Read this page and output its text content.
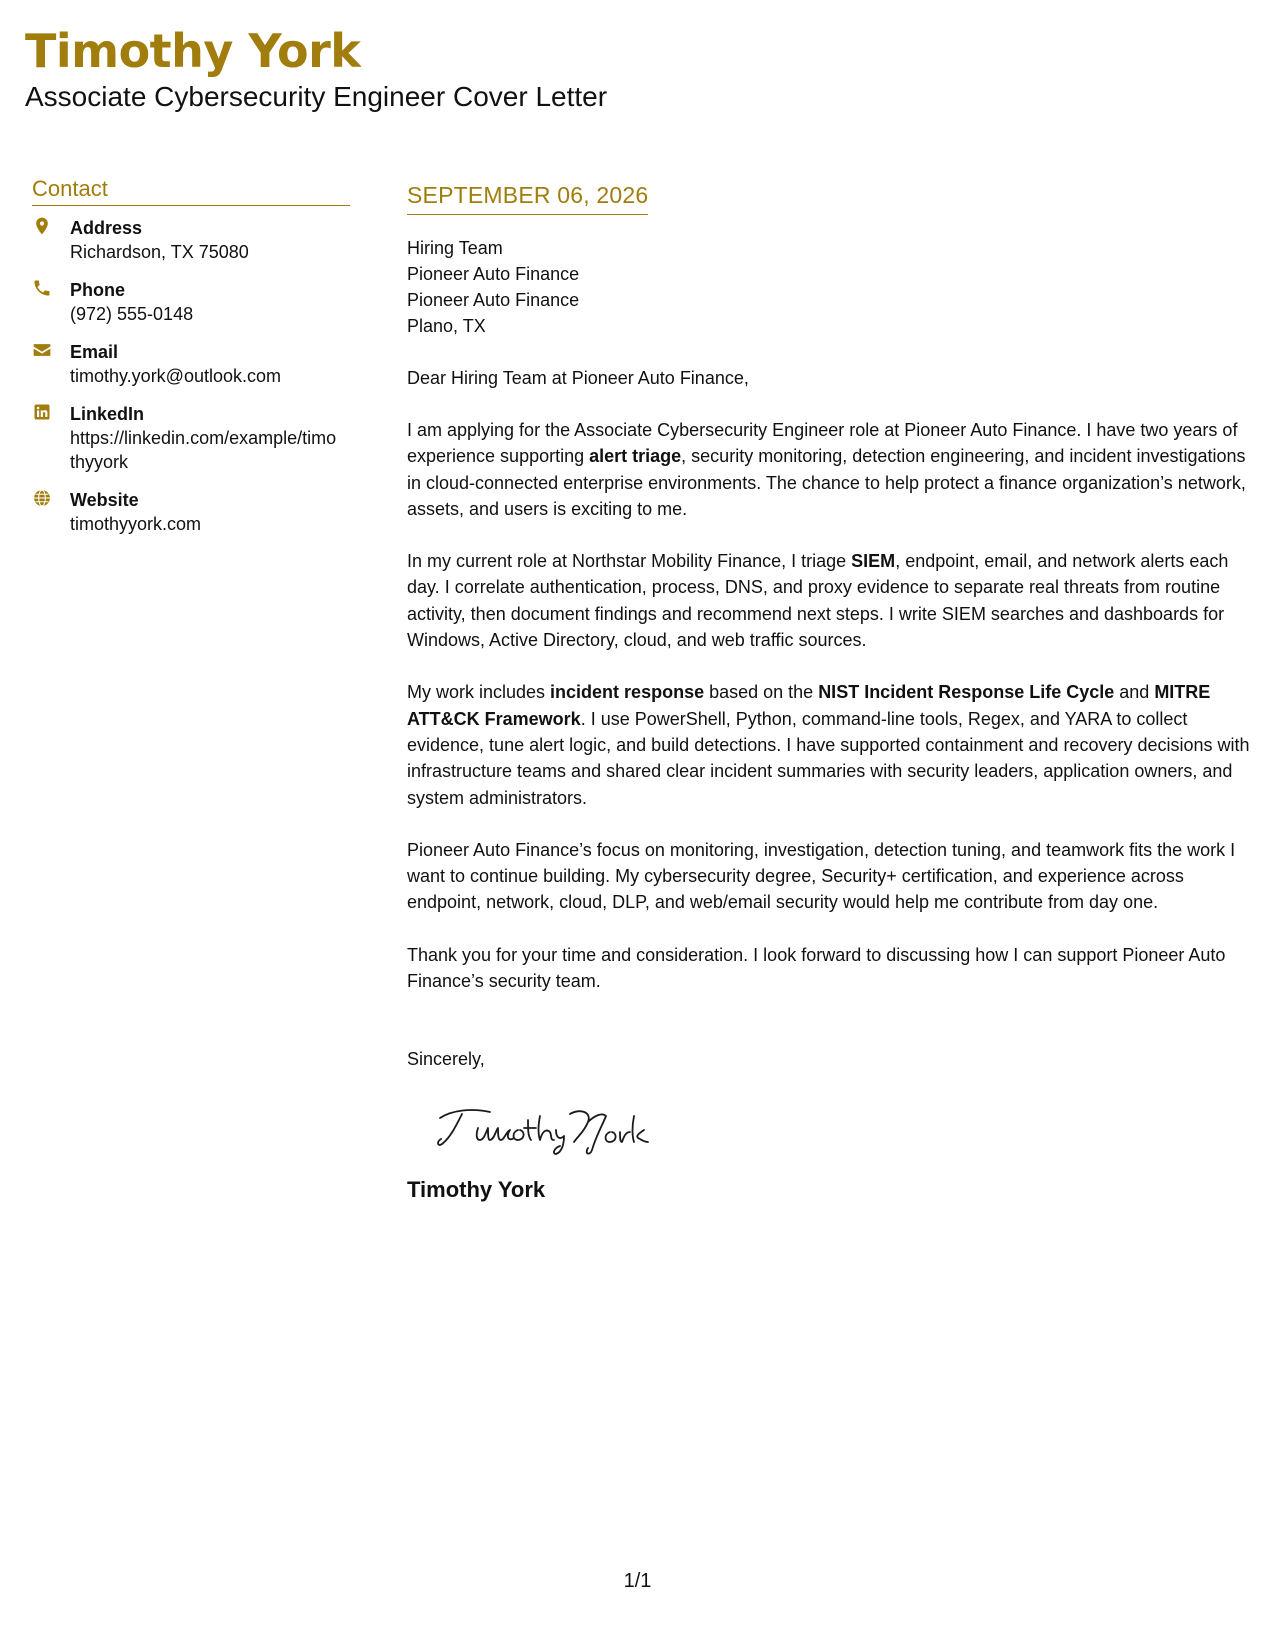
Timothy York
Associate Cybersecurity Engineer Cover Letter
Contact
Address
Richardson, TX 75080
Phone
(972) 555-0148
Email
timothy.york@outlook.com
LinkedIn
https://linkedin.com/example/timothyyork
Website
timothyyork.com
SEPTEMBER 06, 2026
Hiring Team
Pioneer Auto Finance
Pioneer Auto Finance
Plano, TX
Dear Hiring Team at Pioneer Auto Finance,
I am applying for the Associate Cybersecurity Engineer role at Pioneer Auto Finance. I have two years of experience supporting alert triage, security monitoring, detection engineering, and incident investigations in cloud-connected enterprise environments. The chance to help protect a finance organization’s network, assets, and users is exciting to me.
In my current role at Northstar Mobility Finance, I triage SIEM, endpoint, email, and network alerts each day. I correlate authentication, process, DNS, and proxy evidence to separate real threats from routine activity, then document findings and recommend next steps. I write SIEM searches and dashboards for Windows, Active Directory, cloud, and web traffic sources.
My work includes incident response based on the NIST Incident Response Life Cycle and MITRE ATT&CK Framework. I use PowerShell, Python, command-line tools, Regex, and YARA to collect evidence, tune alert logic, and build detections. I have supported containment and recovery decisions with infrastructure teams and shared clear incident summaries with security leaders, application owners, and system administrators.
Pioneer Auto Finance’s focus on monitoring, investigation, detection tuning, and teamwork fits the work I want to continue building. My cybersecurity degree, Security+ certification, and experience across endpoint, network, cloud, DLP, and web/email security would help me contribute from day one.
Thank you for your time and consideration. I look forward to discussing how I can support Pioneer Auto Finance’s security team.
Sincerely,
Timothy York
1/1
